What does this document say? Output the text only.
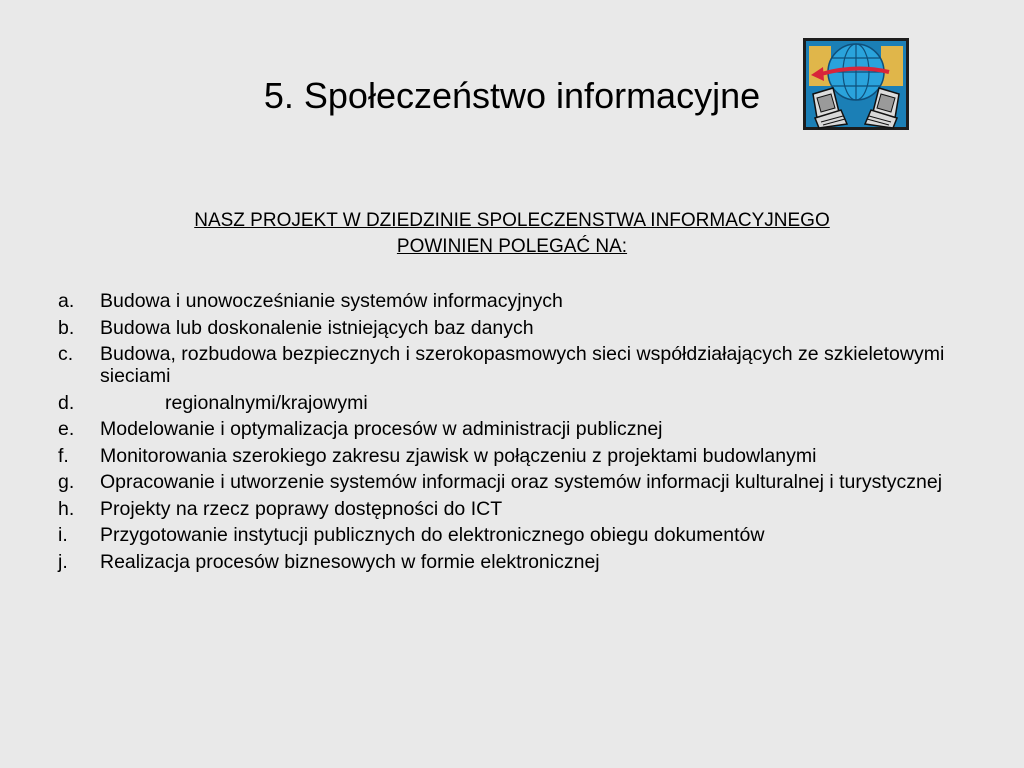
5. Społeczeństwo informacyjne

NASZ PROJEKT W DZIEDZINIE SPOLECZENSTWA INFORMACYJNEGO
POWINIEN POLEGAĆ NA:

a. Budowa i unowocześnianie systemów informacyjnych
b. Budowa lub doskonalenie istniejących baz danych
c. Budowa, rozbudowa bezpiecznych i szerokopasmowych sieci współdziałających ze szkieletowymi sieciami
d.	regionalnymi/krajowymi
e. Modelowanie i optymalizacja procesów w administracji publicznej
f. Monitorowania szerokiego zakresu zjawisk w połączeniu z projektami budowlanymi
g. Opracowanie i utworzenie systemów informacji oraz systemów informacji kulturalnej i turystycznej
h. Projekty na rzecz poprawy dostępności do ICT
i. Przygotowanie instytucji publicznych do elektronicznego obiegu dokumentów
j. Realizacja procesów biznesowych w formie elektronicznej
